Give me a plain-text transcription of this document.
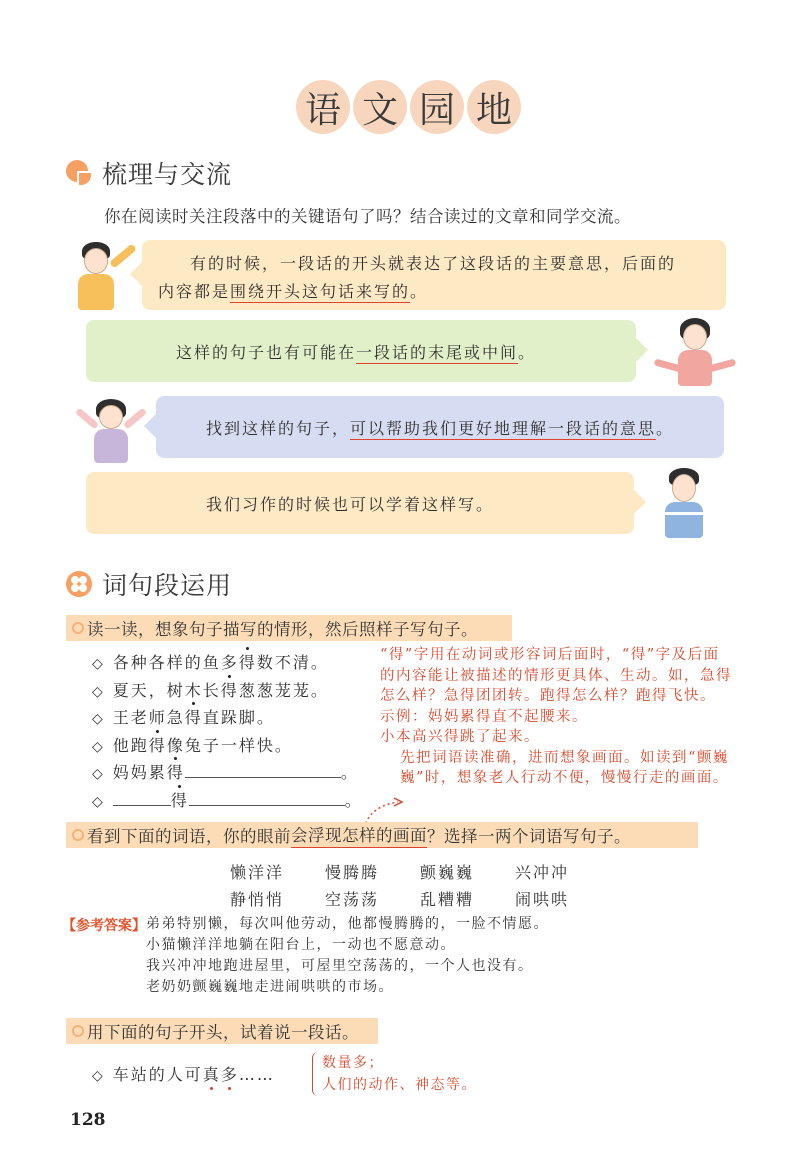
语 文 园 地
梳理与交流
你在阅读时关注段落中的关键语句了吗？结合读过的文章和同学交流。
有的时候，一段话的开头就表达了这段话的主要意思，后面的
内容都是围绕开头这句话来写的。
这样的句子也有可能在一段话的末尾或中间。
找到这样的句子，可以帮助我们更好地理解一段话的意思。
我们习作的时候也可以学着这样写。
词句段运用
读一读，想象句子描写的情形，然后照样子写句子。
◇ 各种各样的鱼多 得 数不清。
◇ 夏天，树木长 得 葱葱茏茏。
◇ 王老师急 得 直跺脚。
◇ 他跑 得 像兔子一样快。
◇ 妈妈累 得	。
◇	得	。
“得”字用在动词或形容词后面时，“得”字及后面
的内容能让被描述的情形更具体、生动。如，急得
怎么样？急得团团转。跑得怎么样？跑得飞快。
示例：妈妈累得直不起腰来。
小本高兴得跳了起来。
先把词语读准确，进而想象画面。如读到“颤巍
巍”时，想象老人行动不便，慢慢行走的画面。
看到下面的词语，你的眼前 会浮现怎样的画面 ？选择一两个词语写句子。
懒洋洋	慢腾腾	颤巍巍	兴冲冲
静悄悄	空荡荡	乱糟糟	闹哄哄
【参考答案】 弟弟特别懒，每次叫他劳动，他都慢腾腾的，一脸不情愿。
小猫懒洋洋地躺在阳台上，一动也不愿意动。
我兴冲冲地跑进屋里，可屋里空荡荡的，一个人也没有。
老奶奶颤巍巍地走进闹哄哄的市场。
用下面的句子开头，试着说一段话。
◇ 车站的人可 真 多 ……
数量多；
人们的动作、神态等。
128
